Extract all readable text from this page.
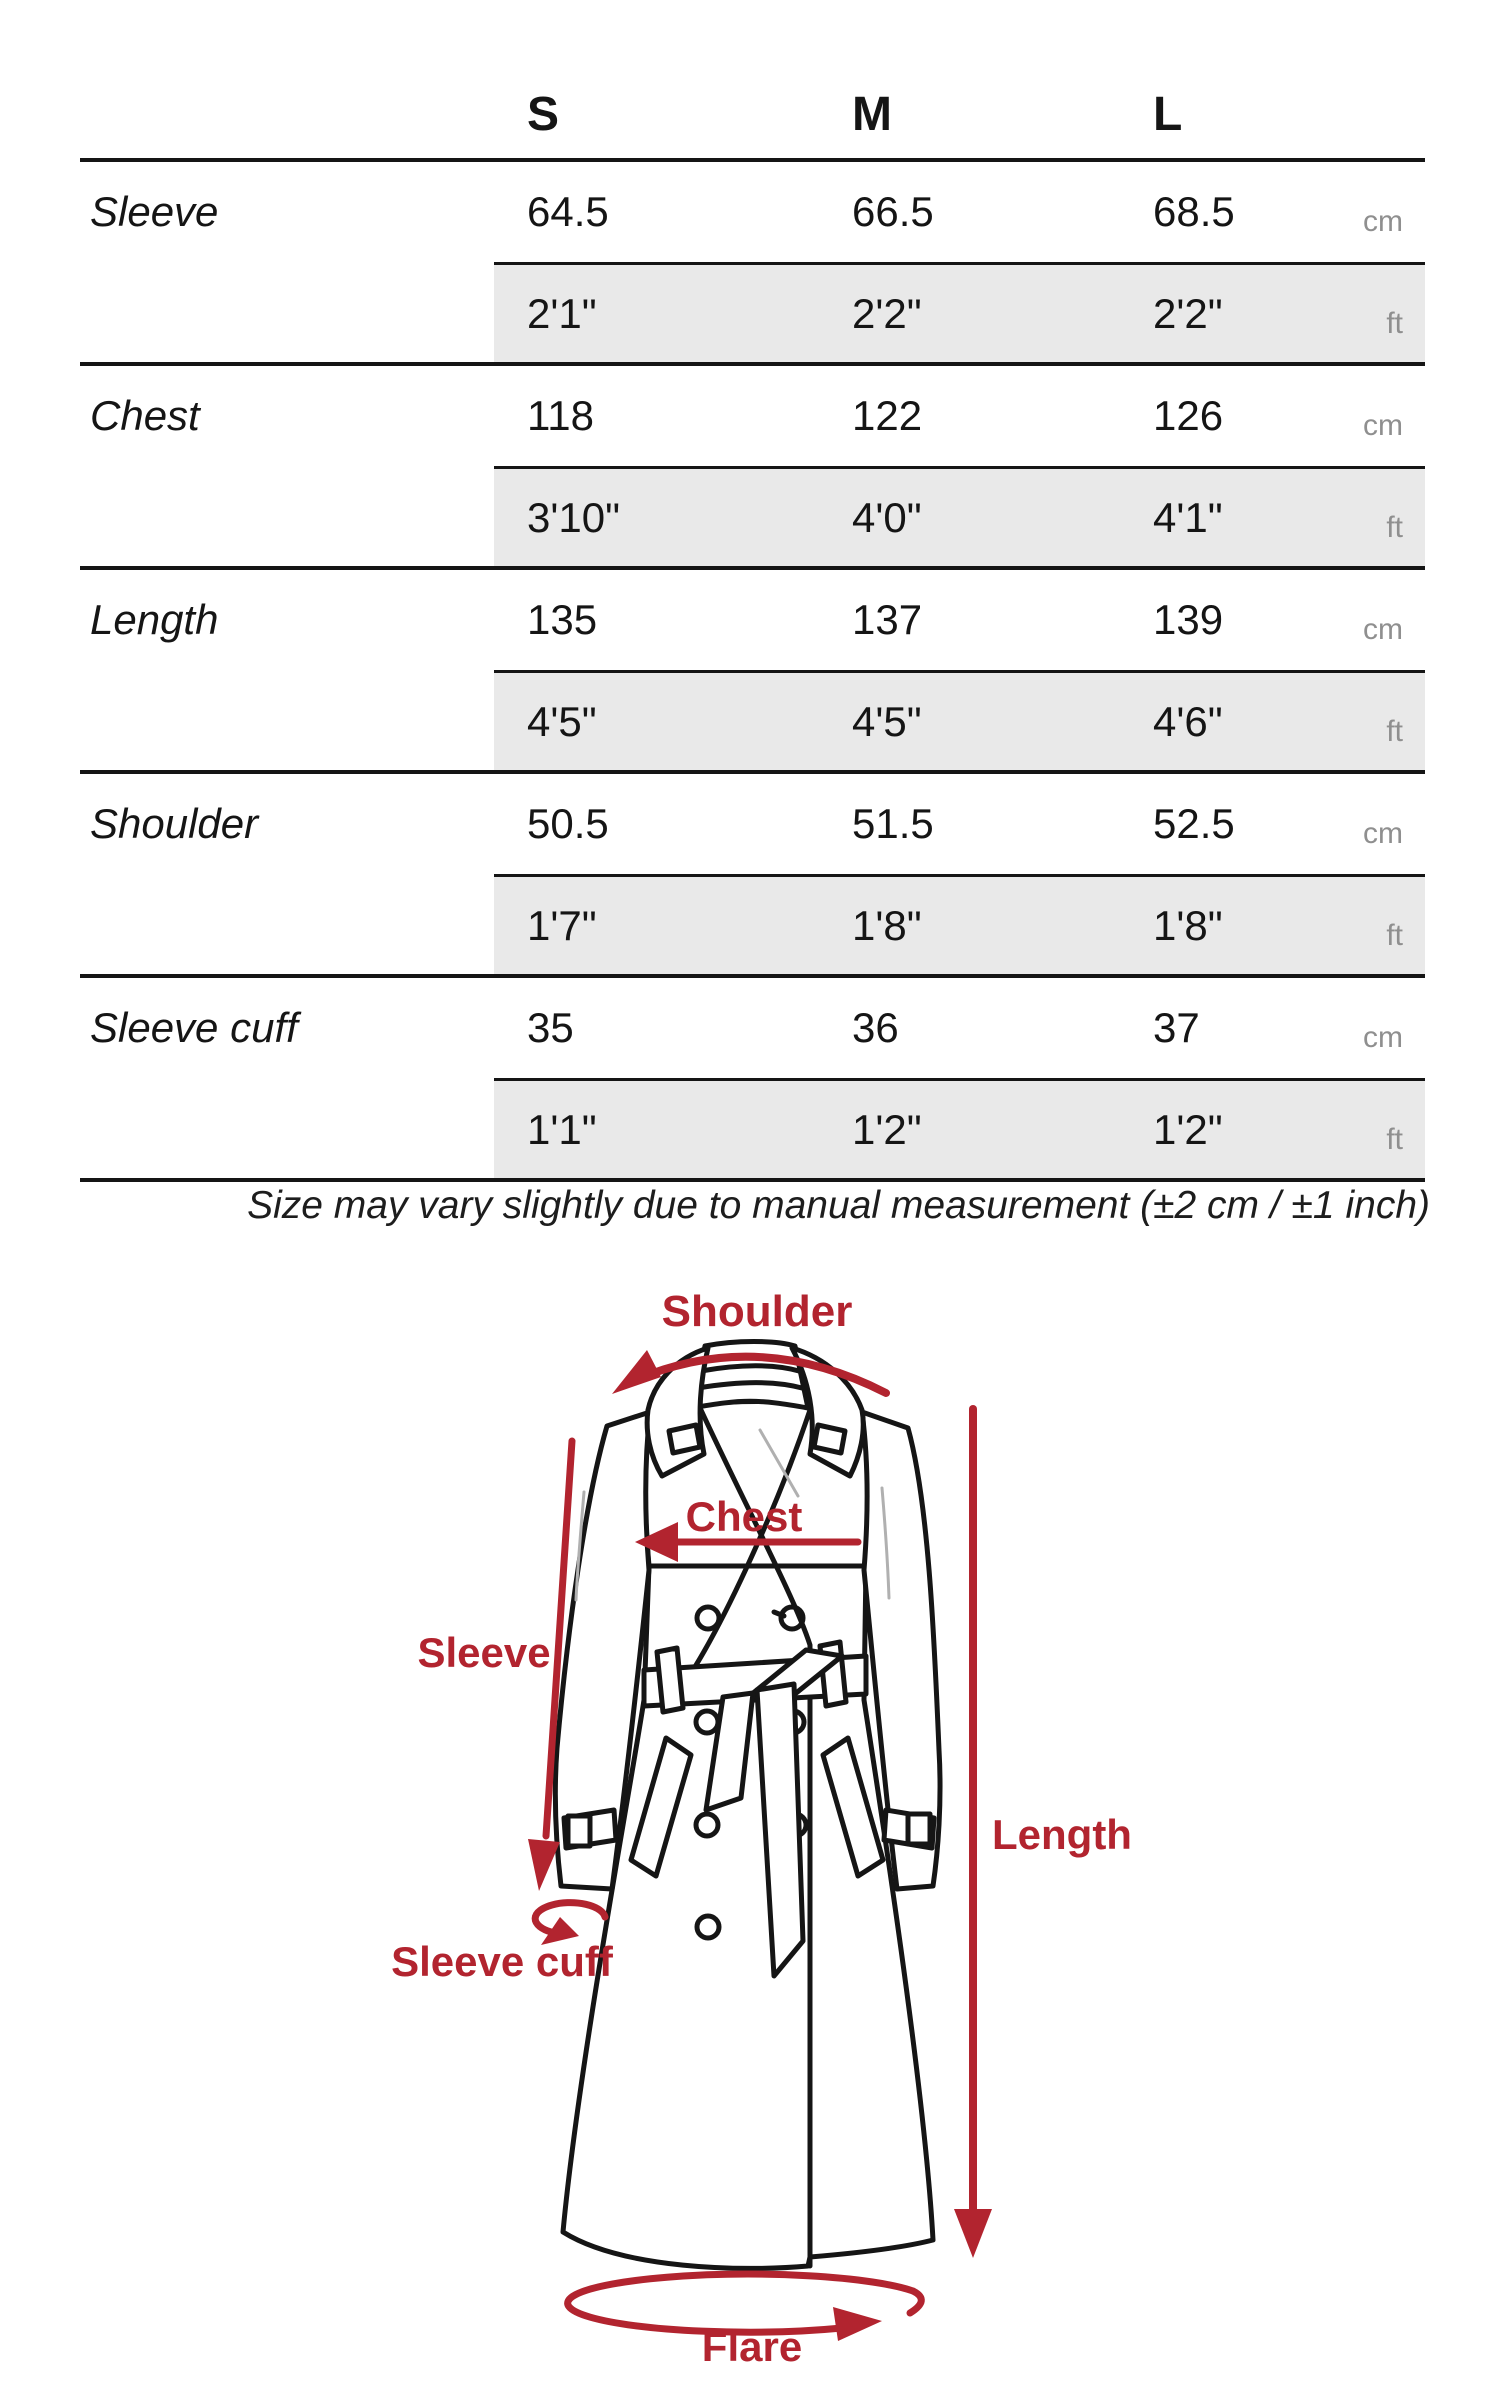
S	M	L
Sleeve	64.5	66.5	68.5	cm
2'1"	2'2"	2'2"	ft
Chest	118	122	126	cm
3'10"	4'0"	4'1"	ft
Length	135	137	139	cm
4'5"	4'5"	4'6"	ft
Shoulder	50.5	51.5	52.5	cm
1'7"	1'8"	1'8"	ft
Sleeve cuff	35	36	37	cm
1'1"	1'2"	1'2"	ft
Size may vary slightly due to manual measurement (±2 cm / ±1 inch)
Shoulder
Chest
Sleeve
Sleeve cuff
Length
Flare
